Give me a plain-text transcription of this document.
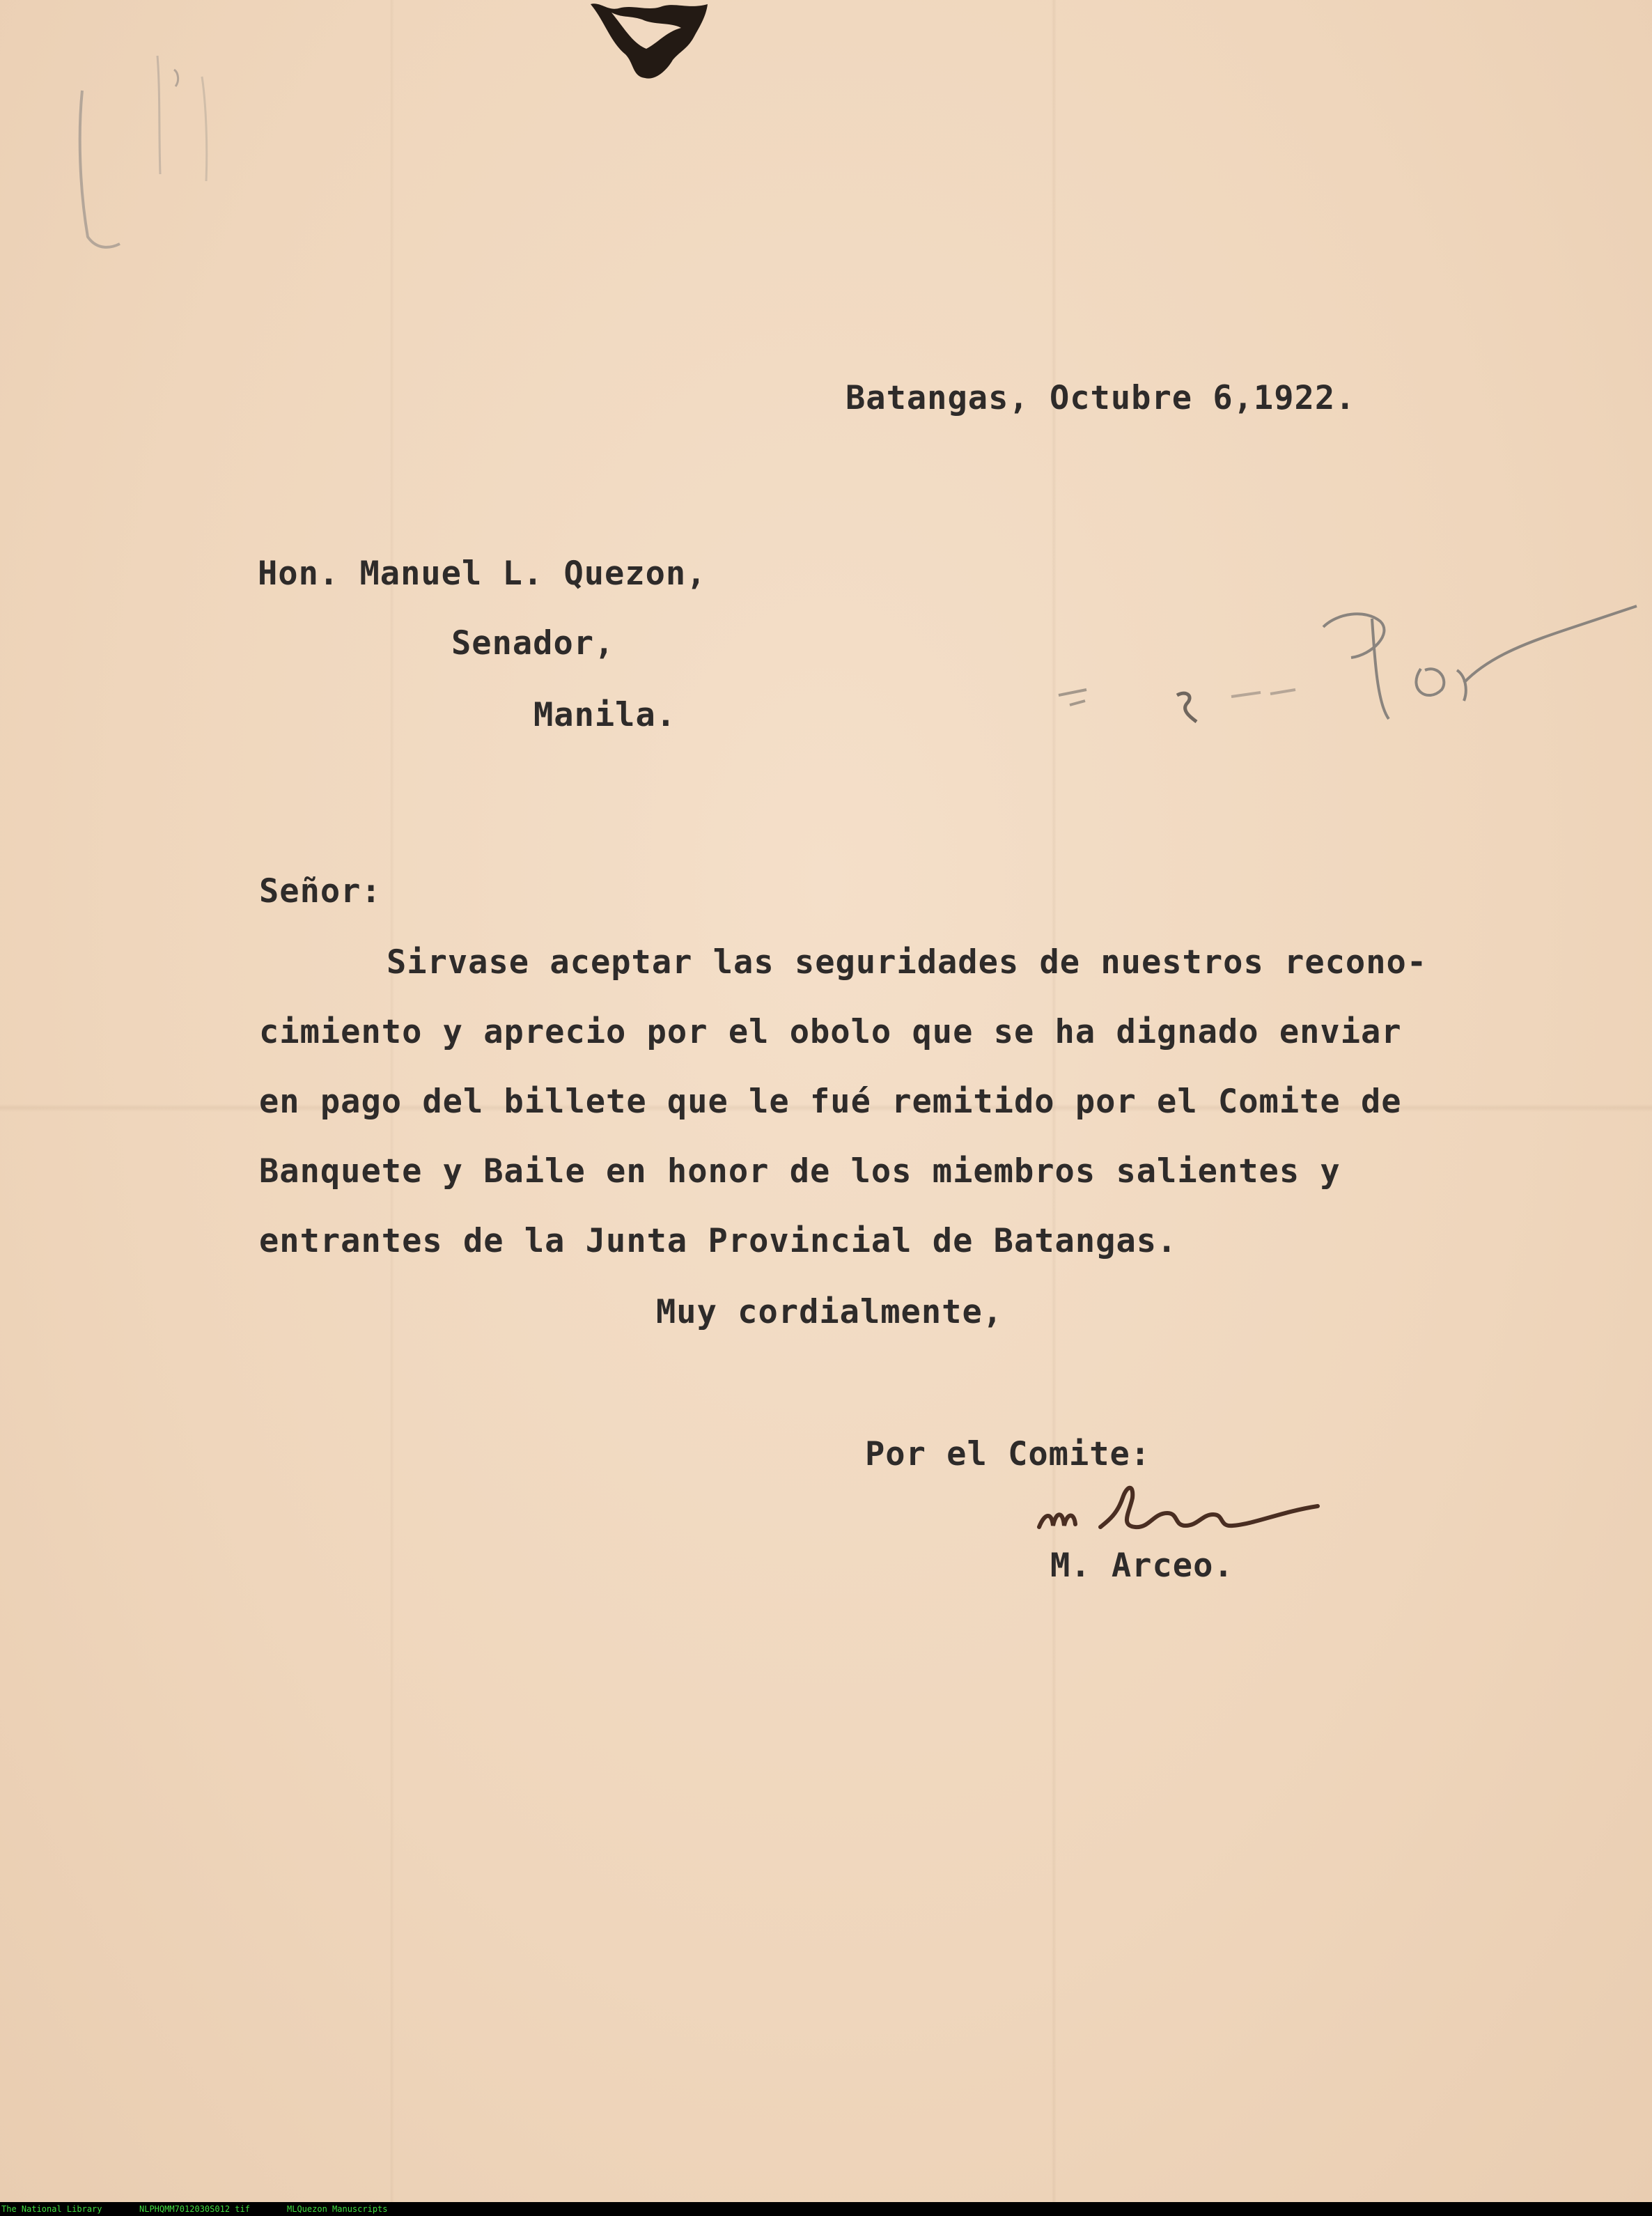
Batangas, Octubre 6,1922.
Hon. Manuel L. Quezon,
Senador,
Manila.
Señor:
Sirvase aceptar las seguridades de nuestros recono-
cimiento y aprecio por el obolo que se ha dignado enviar
en pago del billete que le fué remitido por el Comite de
Banquete y Baile en honor de los miembros salientes y
entrantes de la Junta Provincial de Batangas.
Muy cordialmente,
Por el Comite:
M. Arceo.
The National Library	NLPHQMM7012030S012 tif	MLQuezon Manuscripts
